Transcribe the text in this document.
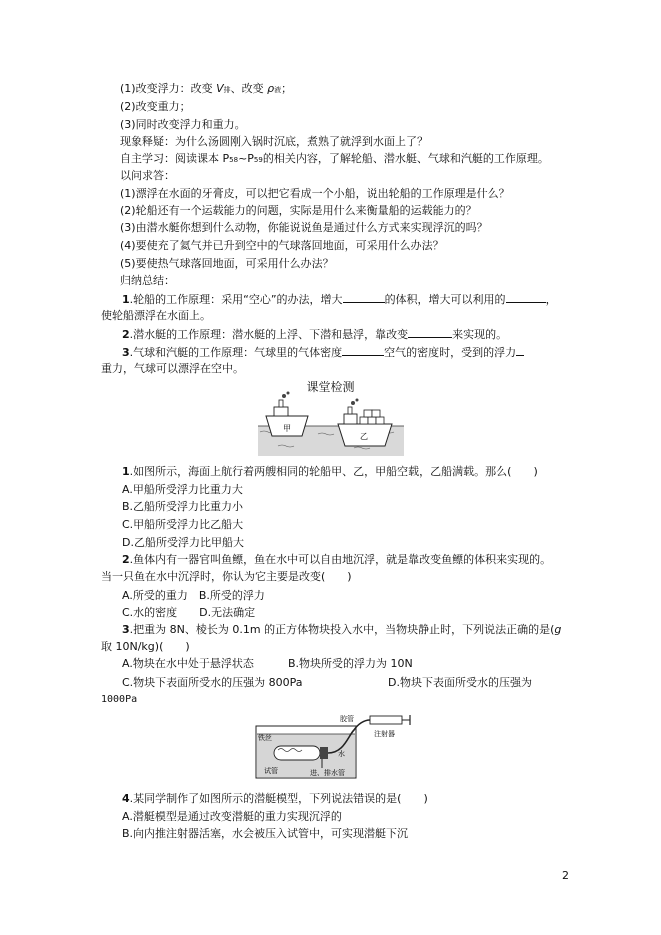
(1)改变浮力：改变 V排、改变 ρ液；
(2)改变重力；
(3)同时改变浮力和重力。
现象释疑：为什么汤圆刚入锅时沉底，煮熟了就浮到水面上了？
自主学习：阅读课本 P58~P59的相关内容，了解轮船、潜水艇、气球和汽艇的工作原理。
以问求答：
(1)漂浮在水面的牙膏皮，可以把它看成一个小船，说出轮船的工作原理是什么？
(2)轮船还有一个运载能力的问题，实际是用什么来衡量船的运载能力的？
(3)由潜水艇你想到什么动物，你能说说鱼是通过什么方式来实现浮沉的吗？
(4)要使充了氦气并已升到空中的气球落回地面，可采用什么办法？
(5)要使热气球落回地面，可采用什么办法？
归纳总结：
1.轮船的工作原理：采用“空心”的办法，增大	的体积，增大可以利用的	，
使轮船漂浮在水面上。
2.潜水艇的工作原理：潜水艇的上浮、下潜和悬浮，靠改变	来实现的。
3.气球和汽艇的工作原理：气球里的气体密度	空气的密度时，受到的浮力
重力，气球可以漂浮在空中。
课堂检测
甲
乙
1.如图所示，海面上航行着两艘相同的轮船甲、乙，甲船空载，乙船满载。那么(　　)
A.甲船所受浮力比重力大
B.乙船所受浮力比重力小
C.甲船所受浮力比乙船大
D.乙船所受浮力比甲船大
2.鱼体内有一器官叫鱼鳔，鱼在水中可以自由地沉浮，就是靠改变鱼鳔的体积来实现的。
当一只鱼在水中沉浮时，你认为它主要是改变(　　)
A.所受的重力　B.所受的浮力
C.水的密度　　D.无法确定
3.把重为 8N、棱长为 0.1m 的正方体物块投入水中，当物块静止时，下列说法正确的是(g
取 10N/kg)(　　)
A.物块在水中处于悬浮状态	B.物块所受的浮力为 10N
C.物块下表面所受水的压强为 800Pa	D.物块下表面所受水的压强为
1000Pa
胶管
注射器
铁丝
水
试管	进、排水管
4.某同学制作了如图所示的潜艇模型，下列说法错误的是(　　)
A.潜艇模型是通过改变潜艇的重力实现沉浮的
B.向内推注射器活塞，水会被压入试管中，可实现潜艇下沉
2
